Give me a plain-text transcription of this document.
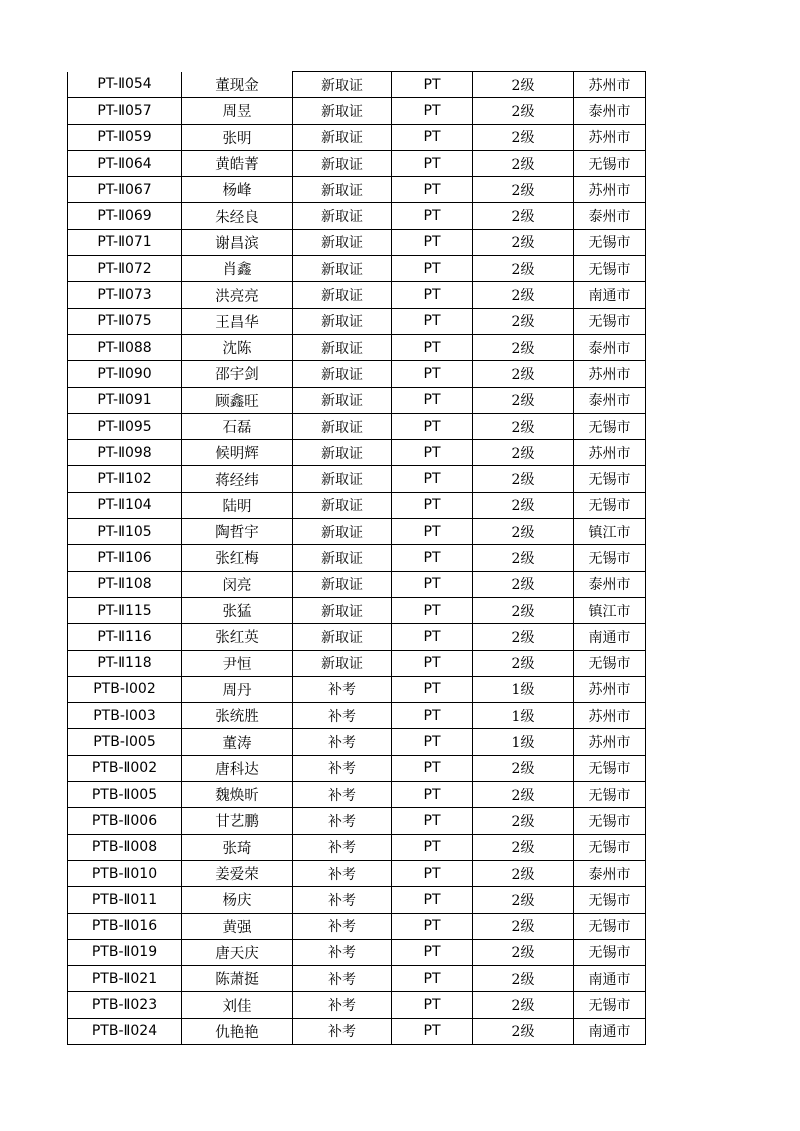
PT-Ⅱ054	董现金	新取证	PT	2级	苏州市
PT-Ⅱ057	周昱	新取证	PT	2级	泰州市
PT-Ⅱ059	张明	新取证	PT	2级	苏州市
PT-Ⅱ064	黄皓菁	新取证	PT	2级	无锡市
PT-Ⅱ067	杨峰	新取证	PT	2级	苏州市
PT-Ⅱ069	朱经良	新取证	PT	2级	泰州市
PT-Ⅱ071	谢昌滨	新取证	PT	2级	无锡市
PT-Ⅱ072	肖鑫	新取证	PT	2级	无锡市
PT-Ⅱ073	洪亮亮	新取证	PT	2级	南通市
PT-Ⅱ075	王昌华	新取证	PT	2级	无锡市
PT-Ⅱ088	沈陈	新取证	PT	2级	泰州市
PT-Ⅱ090	邵宇剑	新取证	PT	2级	苏州市
PT-Ⅱ091	顾鑫旺	新取证	PT	2级	泰州市
PT-Ⅱ095	石磊	新取证	PT	2级	无锡市
PT-Ⅱ098	候明辉	新取证	PT	2级	苏州市
PT-Ⅱ102	蒋经纬	新取证	PT	2级	无锡市
PT-Ⅱ104	陆明	新取证	PT	2级	无锡市
PT-Ⅱ105	陶哲宇	新取证	PT	2级	镇江市
PT-Ⅱ106	张红梅	新取证	PT	2级	无锡市
PT-Ⅱ108	闵亮	新取证	PT	2级	泰州市
PT-Ⅱ115	张猛	新取证	PT	2级	镇江市
PT-Ⅱ116	张红英	新取证	PT	2级	南通市
PT-Ⅱ118	尹恒	新取证	PT	2级	无锡市
PTB-Ⅰ002	周丹	补考	PT	1级	苏州市
PTB-Ⅰ003	张统胜	补考	PT	1级	苏州市
PTB-Ⅰ005	董涛	补考	PT	1级	苏州市
PTB-Ⅱ002	唐科达	补考	PT	2级	无锡市
PTB-Ⅱ005	魏焕昕	补考	PT	2级	无锡市
PTB-Ⅱ006	甘艺鹏	补考	PT	2级	无锡市
PTB-Ⅱ008	张琦	补考	PT	2级	无锡市
PTB-Ⅱ010	姜爱荣	补考	PT	2级	泰州市
PTB-Ⅱ011	杨庆	补考	PT	2级	无锡市
PTB-Ⅱ016	黄强	补考	PT	2级	无锡市
PTB-Ⅱ019	唐天庆	补考	PT	2级	无锡市
PTB-Ⅱ021	陈萧挺	补考	PT	2级	南通市
PTB-Ⅱ023	刘佳	补考	PT	2级	无锡市
PTB-Ⅱ024	仇艳艳	补考	PT	2级	南通市
